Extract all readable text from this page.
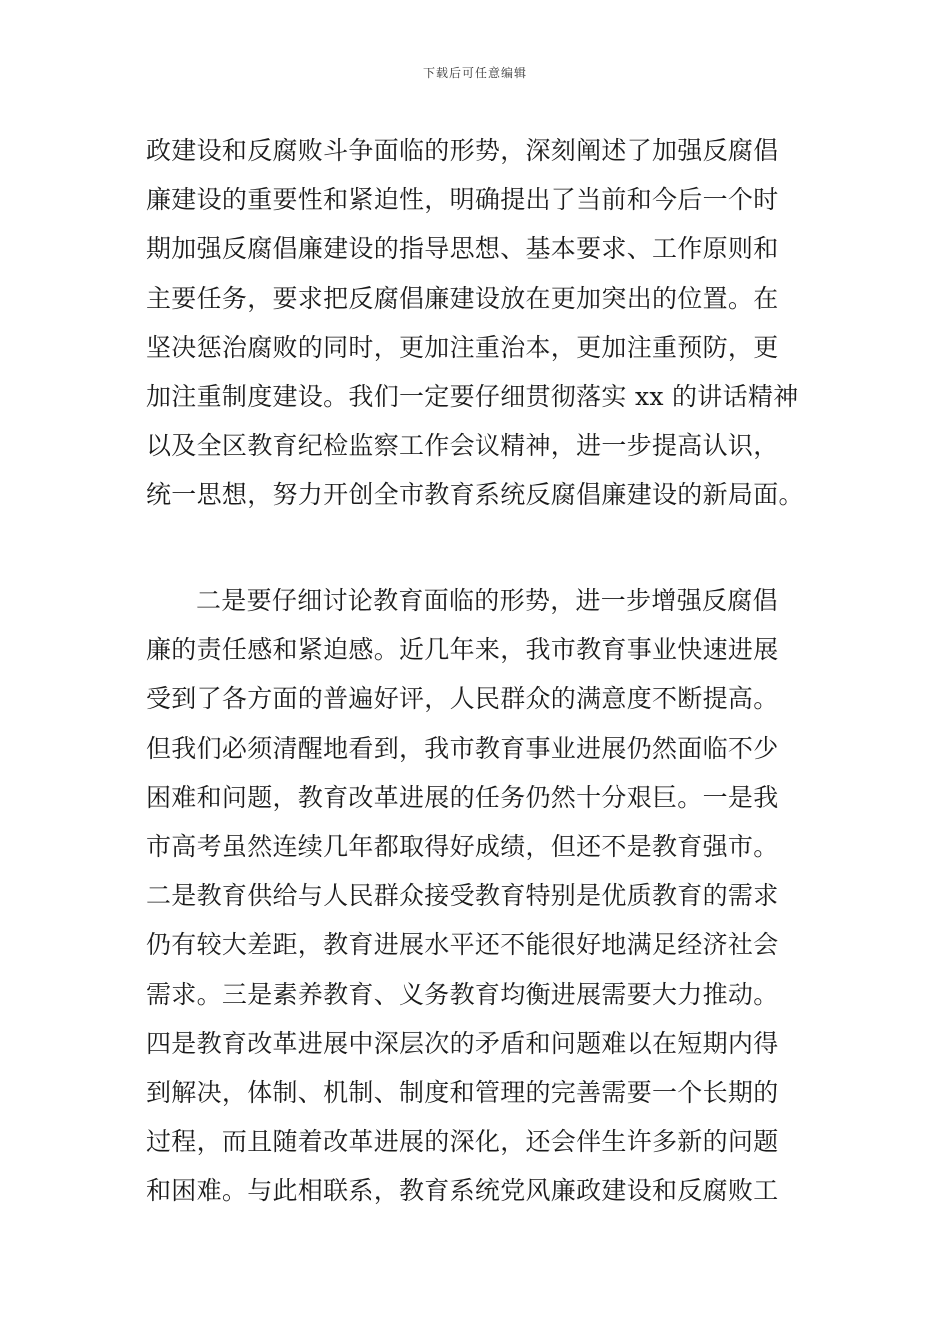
下载后可任意编辑
政建设和反腐败斗争面临的形势，深刻阐述了加强反腐倡
廉建设的重要性和紧迫性，明确提出了当前和今后一个时
期加强反腐倡廉建设的指导思想、基本要求、工作原则和
主要任务，要求把反腐倡廉建设放在更加突出的位置。在
坚决惩治腐败的同时，更加注重治本，更加注重预防，更
加注重制度建设。我们一定要仔细贯彻落实 xx 的讲话精神
以及全区教育纪检监察工作会议精神，进一步提高认识，
统一思想，努力开创全市教育系统反腐倡廉建设的新局面。
二是要仔细讨论教育面临的形势，进一步增强反腐倡
廉的责任感和紧迫感。近几年来，我市教育事业快速进展
受到了各方面的普遍好评，人民群众的满意度不断提高。
但我们必须清醒地看到，我市教育事业进展仍然面临不少
困难和问题，教育改革进展的任务仍然十分艰巨。一是我
市高考虽然连续几年都取得好成绩，但还不是教育强市。
二是教育供给与人民群众接受教育特别是优质教育的需求
仍有较大差距，教育进展水平还不能很好地满足经济社会
需求。三是素养教育、义务教育均衡进展需要大力推动。
四是教育改革进展中深层次的矛盾和问题难以在短期内得
到解决，体制、机制、制度和管理的完善需要一个长期的
过程，而且随着改革进展的深化，还会伴生许多新的问题
和困难。与此相联系，教育系统党风廉政建设和反腐败工
